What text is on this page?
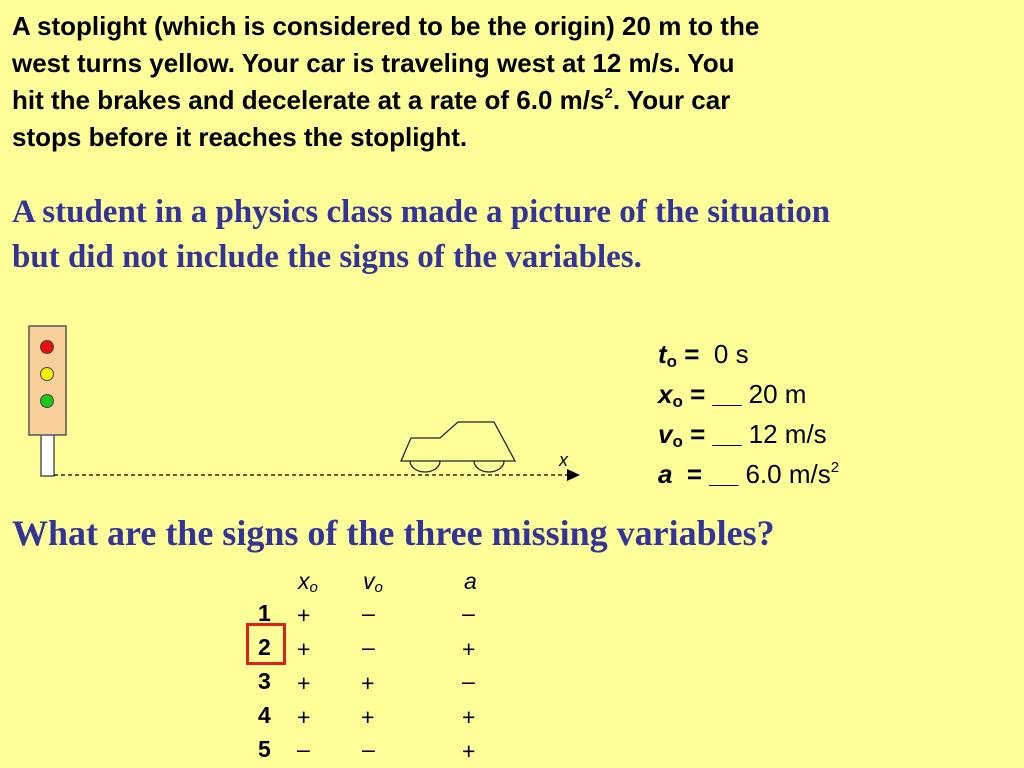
A stoplight (which is considered to be the origin) 20 m to the
west turns yellow. Your car is traveling west at 12 m/s. You
hit the brakes and decelerate at a rate of 6.0 $m/s^2$. Your car
stops before it reaches the stoplight.
A student in a physics class made a picture of the situation
but did not include the signs of the variables.
x
$t_o = 0$ s
$x_o$ = __ 20 m
$v_o$ = __ 12 m/s
a  = __ 6.0 $m/s^2$
What are the signs of the three missing variables?
xo vo	a
1 + –	–
2 + –	+
3 + +	–
4 + +	+
5 – –	+
